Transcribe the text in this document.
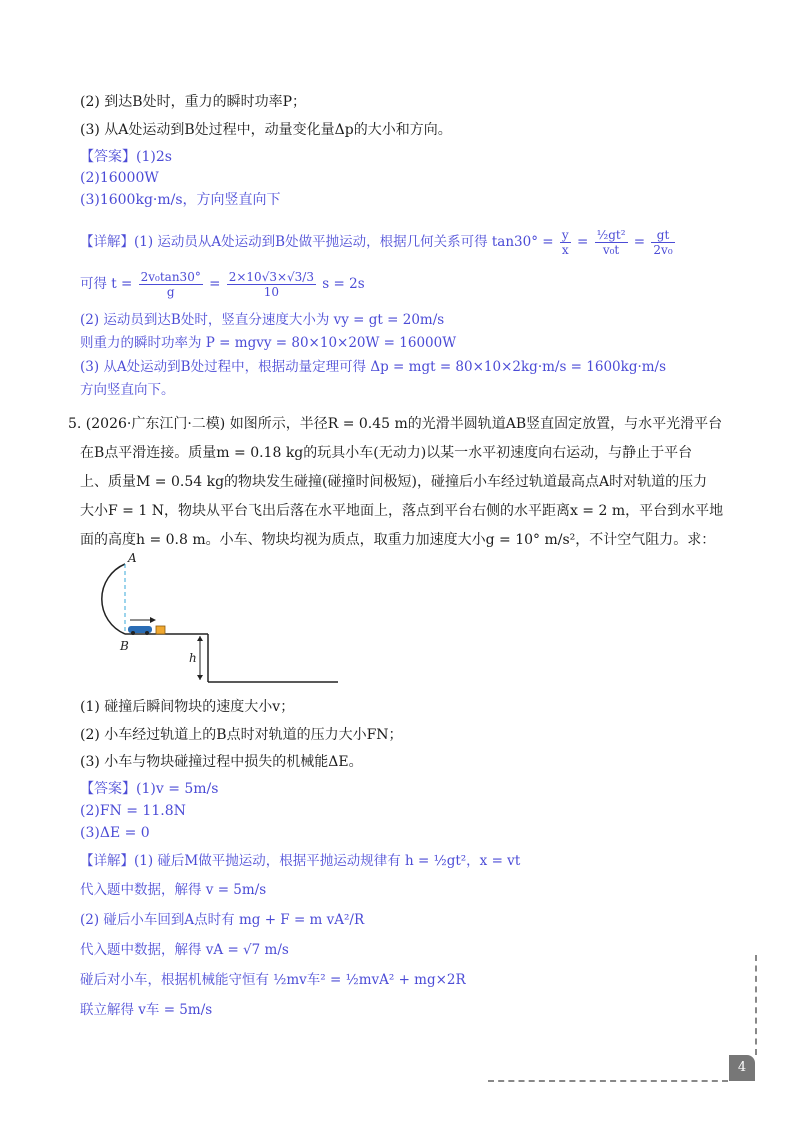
(2) 到达B处时，重力的瞬时功率P；
(3) 从A处运动到B处过程中，动量变化量Δp的大小和方向。
【答案】(1)2s
(2)16000W
(3)1600kg·m/s，方向竖直向下
【详解】(1) 运动员从A处运动到B处做平抛运动，根据几何关系可得 $\tan 30^\circ = \frac{y}{x} = \frac{\text{½gt²}}{\text{v₀t}} = \frac{gt}{\text{2v₀}}$
可得 $t = \frac{\text{2v₀tan30°}}{g} = \frac{2\times 10√3\times√3/3}{10}$ s = 2s
(2) 运动员到达B处时，竖直分速度大小为 vy = gt = 20m/s
则重力的瞬时功率为 P = mgvy = 80×10×20W = 16000W
(3) 从A处运动到B处过程中，根据动量定理可得 Δp = mgt = 80×10×2kg·m/s = 1600kg·m/s
方向竖直向下。
5. (2026·广东江门·二模) 如图所示，半径R = 0.45 m的光滑半圆轨道AB竖直固定放置，与水平光滑平台
在B点平滑连接。质量m = 0.18 kg的玩具小车(无动力)以某一水平初速度向右运动，与静止于平台
上、质量M = 0.54 kg的物块发生碰撞(碰撞时间极短)，碰撞后小车经过轨道最高点A时对轨道的压力
大小F = 1 N，物块从平台飞出后落在水平地面上，落点到平台右侧的水平距离x = 2 m，平台到水平地
面的高度h = 0.8 m。小车、物块均视为质点，取重力加速度大小g = 10° m/s²，不计空气阻力。求：
A
B
h
(1) 碰撞后瞬间物块的速度大小v；
(2) 小车经过轨道上的B点时对轨道的压力大小FN；
(3) 小车与物块碰撞过程中损失的机械能ΔE。
【答案】(1)v = 5m/s
(2)FN = 11.8N
(3)ΔE = 0
【详解】(1) 碰后M做平抛运动，根据平抛运动规律有 h = ½gt²，x = vt
代入题中数据，解得 v = 5m/s
(2) 碰后小车回到A点时有 mg + F = m vA²/R
代入题中数据，解得 vA = √7 m/s
碰后对小车，根据机械能守恒有 ½mv车² = ½mvA² + mg×2R
联立解得 v车 = 5m/s
4
